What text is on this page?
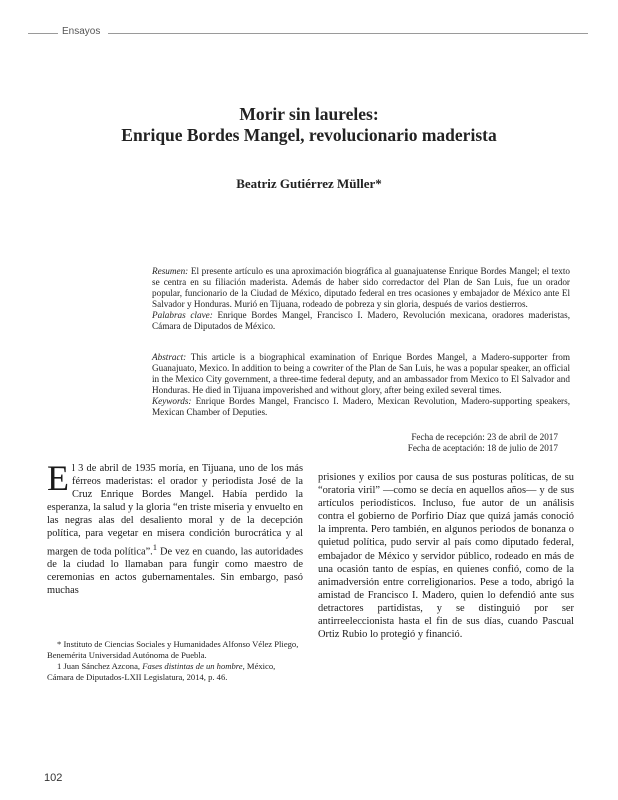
Ensayos
Morir sin laureles:
Enrique Bordes Mangel, revolucionario maderista
Beatriz Gutiérrez Müller*

Resumen: El presente artículo es una aproximación biográfica al guanajuatense Enrique Bordes Mangel; el texto se centra en su filiación maderista. Además de haber sido corredactor del Plan de San Luis, fue un orador popular, funcionario de la Ciudad de México, diputado federal en tres ocasiones y embajador de México ante El Salvador y Honduras. Murió en Tijuana, rodeado de pobreza y sin gloria, después de varios destierros.

Palabras clave: Enrique Bordes Mangel, Francisco I. Madero, Revolución mexicana, oradores maderistas, Cámara de Diputados de México.

Abstract: This article is a biographical examination of Enrique Bordes Mangel, a Madero-supporter from Guanajuato, Mexico. In addition to being a cowriter of the Plan de San Luis, he was a popular speaker, an official in the Mexico City government, a three-time federal deputy, and an ambassador from Mexico to El Salvador and Honduras. He died in Tijuana impoverished and without glory, after being exiled several times.

Keywords: Enrique Bordes Mangel, Francisco I. Madero, Mexican Revolution, Madero-supporting speakers, Mexican Chamber of Deputies.

Fecha de recepción: 23 de abril de 2017
Fecha de aceptación: 18 de julio de 2017

El 3 de abril de 1935 moría, en Tijuana, uno de los más férreos maderistas: el orador y periodista José de la Cruz Enrique Bordes Mangel. Había perdido la esperanza, la salud y la gloria “en triste miseria y envuelto en las negras alas del desaliento moral y de la decepción política, para vegetar en misera condición burocrática y al margen de toda política”.$^1$ De vez en cuando, las autoridades de la ciudad lo llamaban para fungir como maestro de ceremonias en actos gubernamentales. Sin embargo, pasó muchas

prisiones y exilios por causa de sus posturas políticas, de su “oratoria viril” —como se decía en aquellos años— y de sus artículos periodísticos. Incluso, fue autor de un análisis contra el gobierno de Porfirio Díaz que quizá jamás conoció la imprenta. Pero también, en algunos periodos de bonanza o quietud política, pudo servir al país como diputado federal, embajador de México y servidor público, rodeado en más de una ocasión tanto de espías, en quienes confió, como de la animadversión entre correligionarios. Pese a todo, abrigó la amistad de Francisco I. Madero, quien lo defendió ante sus detractores partidistas, y se distinguió por ser antirreeleccionista hasta el fin de sus días, cuando Pascual Ortiz Rubio lo protegió y financió.

* Instituto de Ciencias Sociales y Humanidades Alfonso Vélez Pliego, Benemérita Universidad Autónoma de Puebla.

1 Juan Sánchez Azcona, Fases distintas de un hombre, México, Cámara de Diputados-LXII Legislatura, 2014, p. 46.

102
